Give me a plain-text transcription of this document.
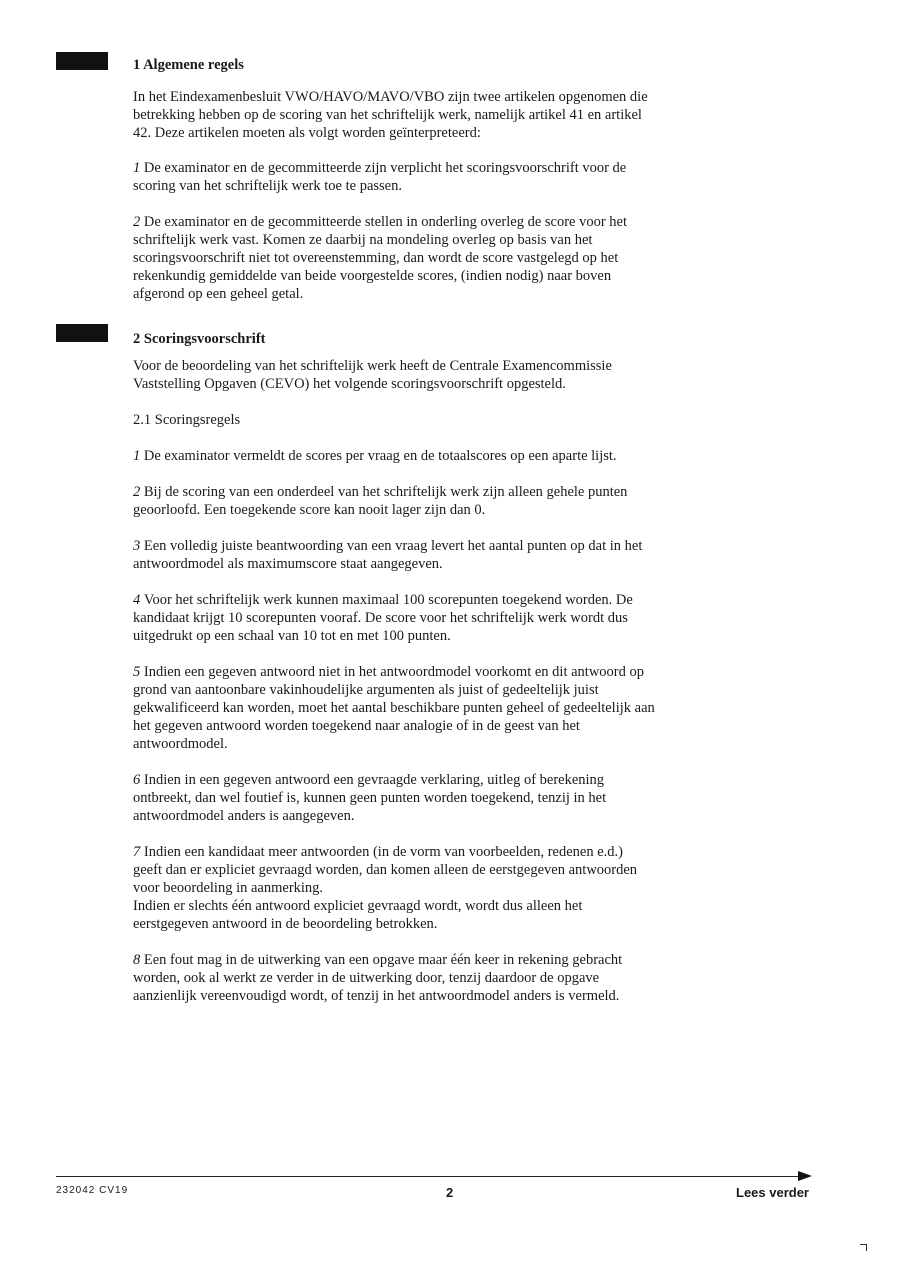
1 Algemene regels
In het Eindexamenbesluit VWO/HAVO/MAVO/VBO zijn twee artikelen opgenomen die
betrekking hebben op de scoring van het schriftelijk werk, namelijk artikel 41 en artikel
42. Deze artikelen moeten als volgt worden geïnterpreteerd:
1 De examinator en de gecommitteerde zijn verplicht het scoringsvoorschrift voor de
scoring van het schriftelijk werk toe te passen.
2 De examinator en de gecommitteerde stellen in onderling overleg de score voor het
schriftelijk werk vast. Komen ze daarbij na mondeling overleg op basis van het
scoringsvoorschrift niet tot overeenstemming, dan wordt de score vastgelegd op het
rekenkundig gemiddelde van beide voorgestelde scores, (indien nodig) naar boven
afgerond op een geheel getal.
2 Scoringsvoorschrift
Voor de beoordeling van het schriftelijk werk heeft de Centrale Examencommissie
Vaststelling Opgaven (CEVO) het volgende scoringsvoorschrift opgesteld.
2.1 Scoringsregels
1 De examinator vermeldt de scores per vraag en de totaalscores op een aparte lijst.
2 Bij de scoring van een onderdeel van het schriftelijk werk zijn alleen gehele punten
geoorloofd. Een toegekende score kan nooit lager zijn dan 0.
3 Een volledig juiste beantwoording van een vraag levert het aantal punten op dat in het
antwoordmodel als maximumscore staat aangegeven.
4 Voor het schriftelijk werk kunnen maximaal 100 scorepunten toegekend worden. De
kandidaat krijgt 10 scorepunten vooraf. De score voor het schriftelijk werk wordt dus
uitgedrukt op een schaal van 10 tot en met 100 punten.
5 Indien een gegeven antwoord niet in het antwoordmodel voorkomt en dit antwoord op
grond van aantoonbare vakinhoudelijke argumenten als juist of gedeeltelijk juist
gekwalificeerd kan worden, moet het aantal beschikbare punten geheel of gedeeltelijk aan
het gegeven antwoord worden toegekend naar analogie of in de geest van het
antwoordmodel.
6 Indien in een gegeven antwoord een gevraagde verklaring, uitleg of berekening
ontbreekt, dan wel foutief is, kunnen geen punten worden toegekend, tenzij in het
antwoordmodel anders is aangegeven.
7 Indien een kandidaat meer antwoorden (in de vorm van voorbeelden, redenen e.d.)
geeft dan er expliciet gevraagd worden, dan komen alleen de eerstgegeven antwoorden
voor beoordeling in aanmerking.
Indien er slechts één antwoord expliciet gevraagd wordt, wordt dus alleen het
eerstgegeven antwoord in de beoordeling betrokken.
8 Een fout mag in de uitwerking van een opgave maar één keer in rekening gebracht
worden, ook al werkt ze verder in de uitwerking door, tenzij daardoor de opgave
aanzienlijk vereenvoudigd wordt, of tenzij in het antwoordmodel anders is vermeld.
232042 CV19	2	Lees verder
